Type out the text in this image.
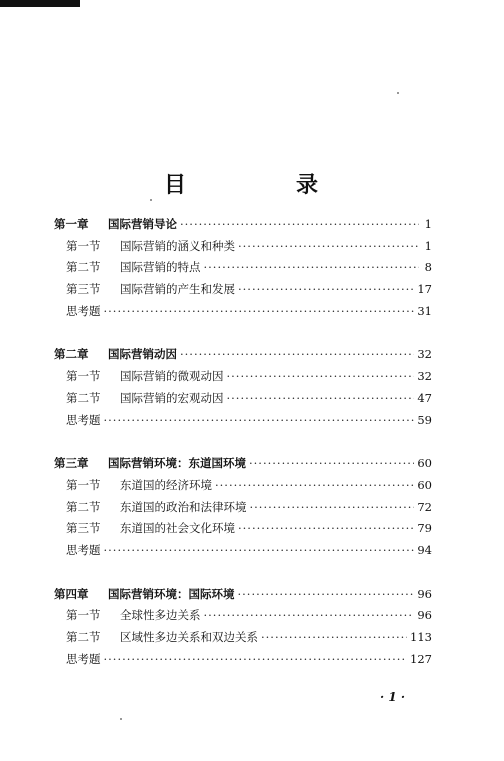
目　录
第一章	国际营销导论 ·····	1
第一节	国际营销的涵义和种类 ·····	1
第二节	国际营销的特点 ·····	8
第三节	国际营销的产生和发展 ·····	17
思考题 ·····	31
第二章	国际营销动因 ·····	32
第一节	国际营销的微观动因 ·····	32
第二节	国际营销的宏观动因 ·····	47
思考题 ·····	59
第三章	国际营销环境：东道国环境 ·····	60
第一节	东道国的经济环境 ·····	60
第二节	东道国的政治和法律环境 ·····	72
第三节	东道国的社会文化环境 ·····	79
思考题 ·····	94
第四章	国际营销环境：国际环境 ·····	96
第一节	全球性多边关系 ·····	96
第二节	区域性多边关系和双边关系 ·····	113
思考题 ·····	127
· 1 ·
